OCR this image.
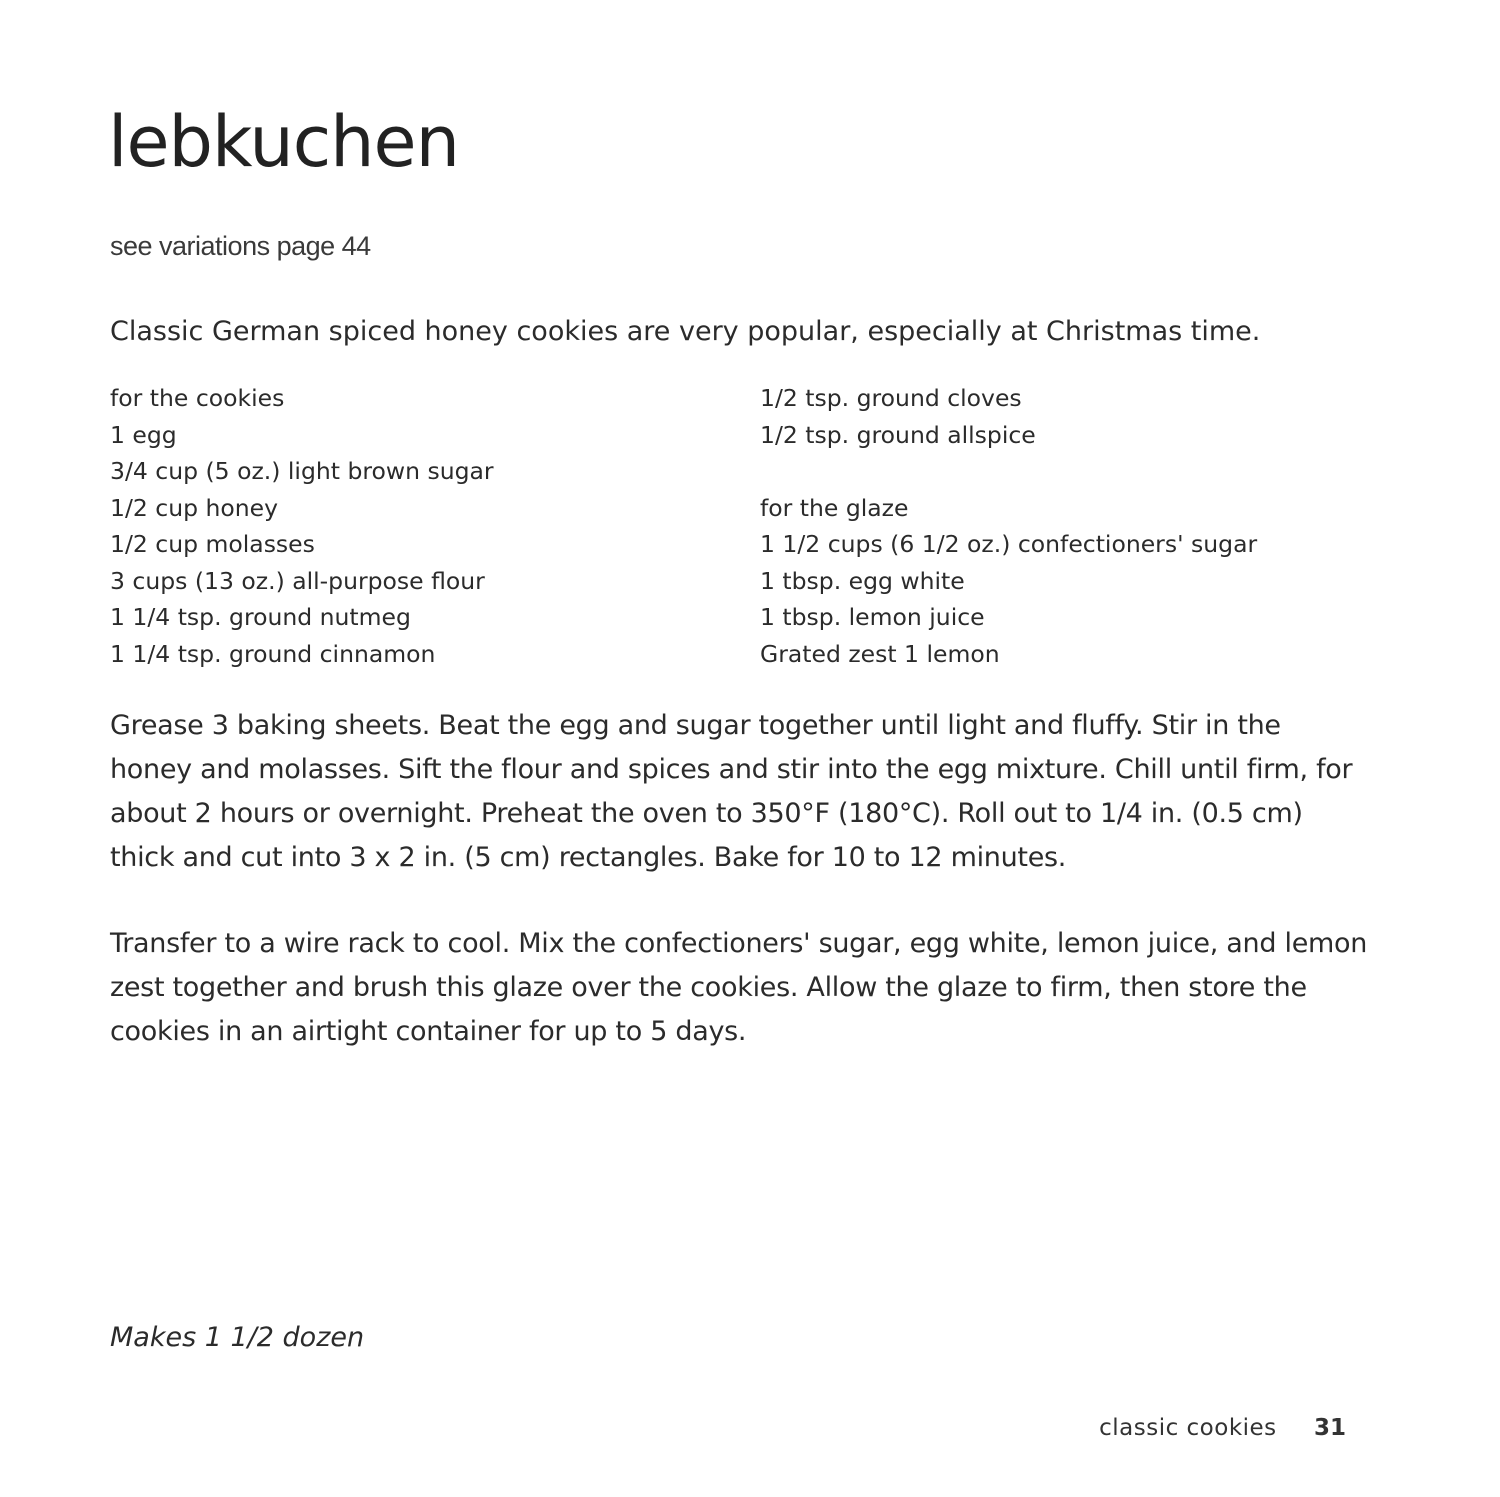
lebkuchen
see variations page 44
Classic German spiced honey cookies are very popular, especially at Christmas time.
for the cookies
1 egg
3/4 cup (5 oz.) light brown sugar
1/2 cup honey
1/2 cup molasses
3 cups (13 oz.) all-purpose flour
1 1/4 tsp. ground nutmeg
1 1/4 tsp. ground cinnamon
1/2 tsp. ground cloves
1/2 tsp. ground allspice
for the glaze
1 1/2 cups (6 1/2 oz.) confectioners' sugar
1 tbsp. egg white
1 tbsp. lemon juice
Grated zest 1 lemon

Grease 3 baking sheets. Beat the egg and sugar together until light and fluffy. Stir in the honey and molasses. Sift the flour and spices and stir into the egg mixture. Chill until firm, for about 2 hours or overnight. Preheat the oven to 350°F (180°C). Roll out to 1/4 in. (0.5 cm) thick and cut into 3 x 2 in. (5 cm) rectangles. Bake for 10 to 12 minutes.

Transfer to a wire rack to cool. Mix the confectioners' sugar, egg white, lemon juice, and lemon zest together and brush this glaze over the cookies. Allow the glaze to firm, then store the cookies in an airtight container for up to 5 days.

Makes 1 1/2 dozen
classic cookies 31
